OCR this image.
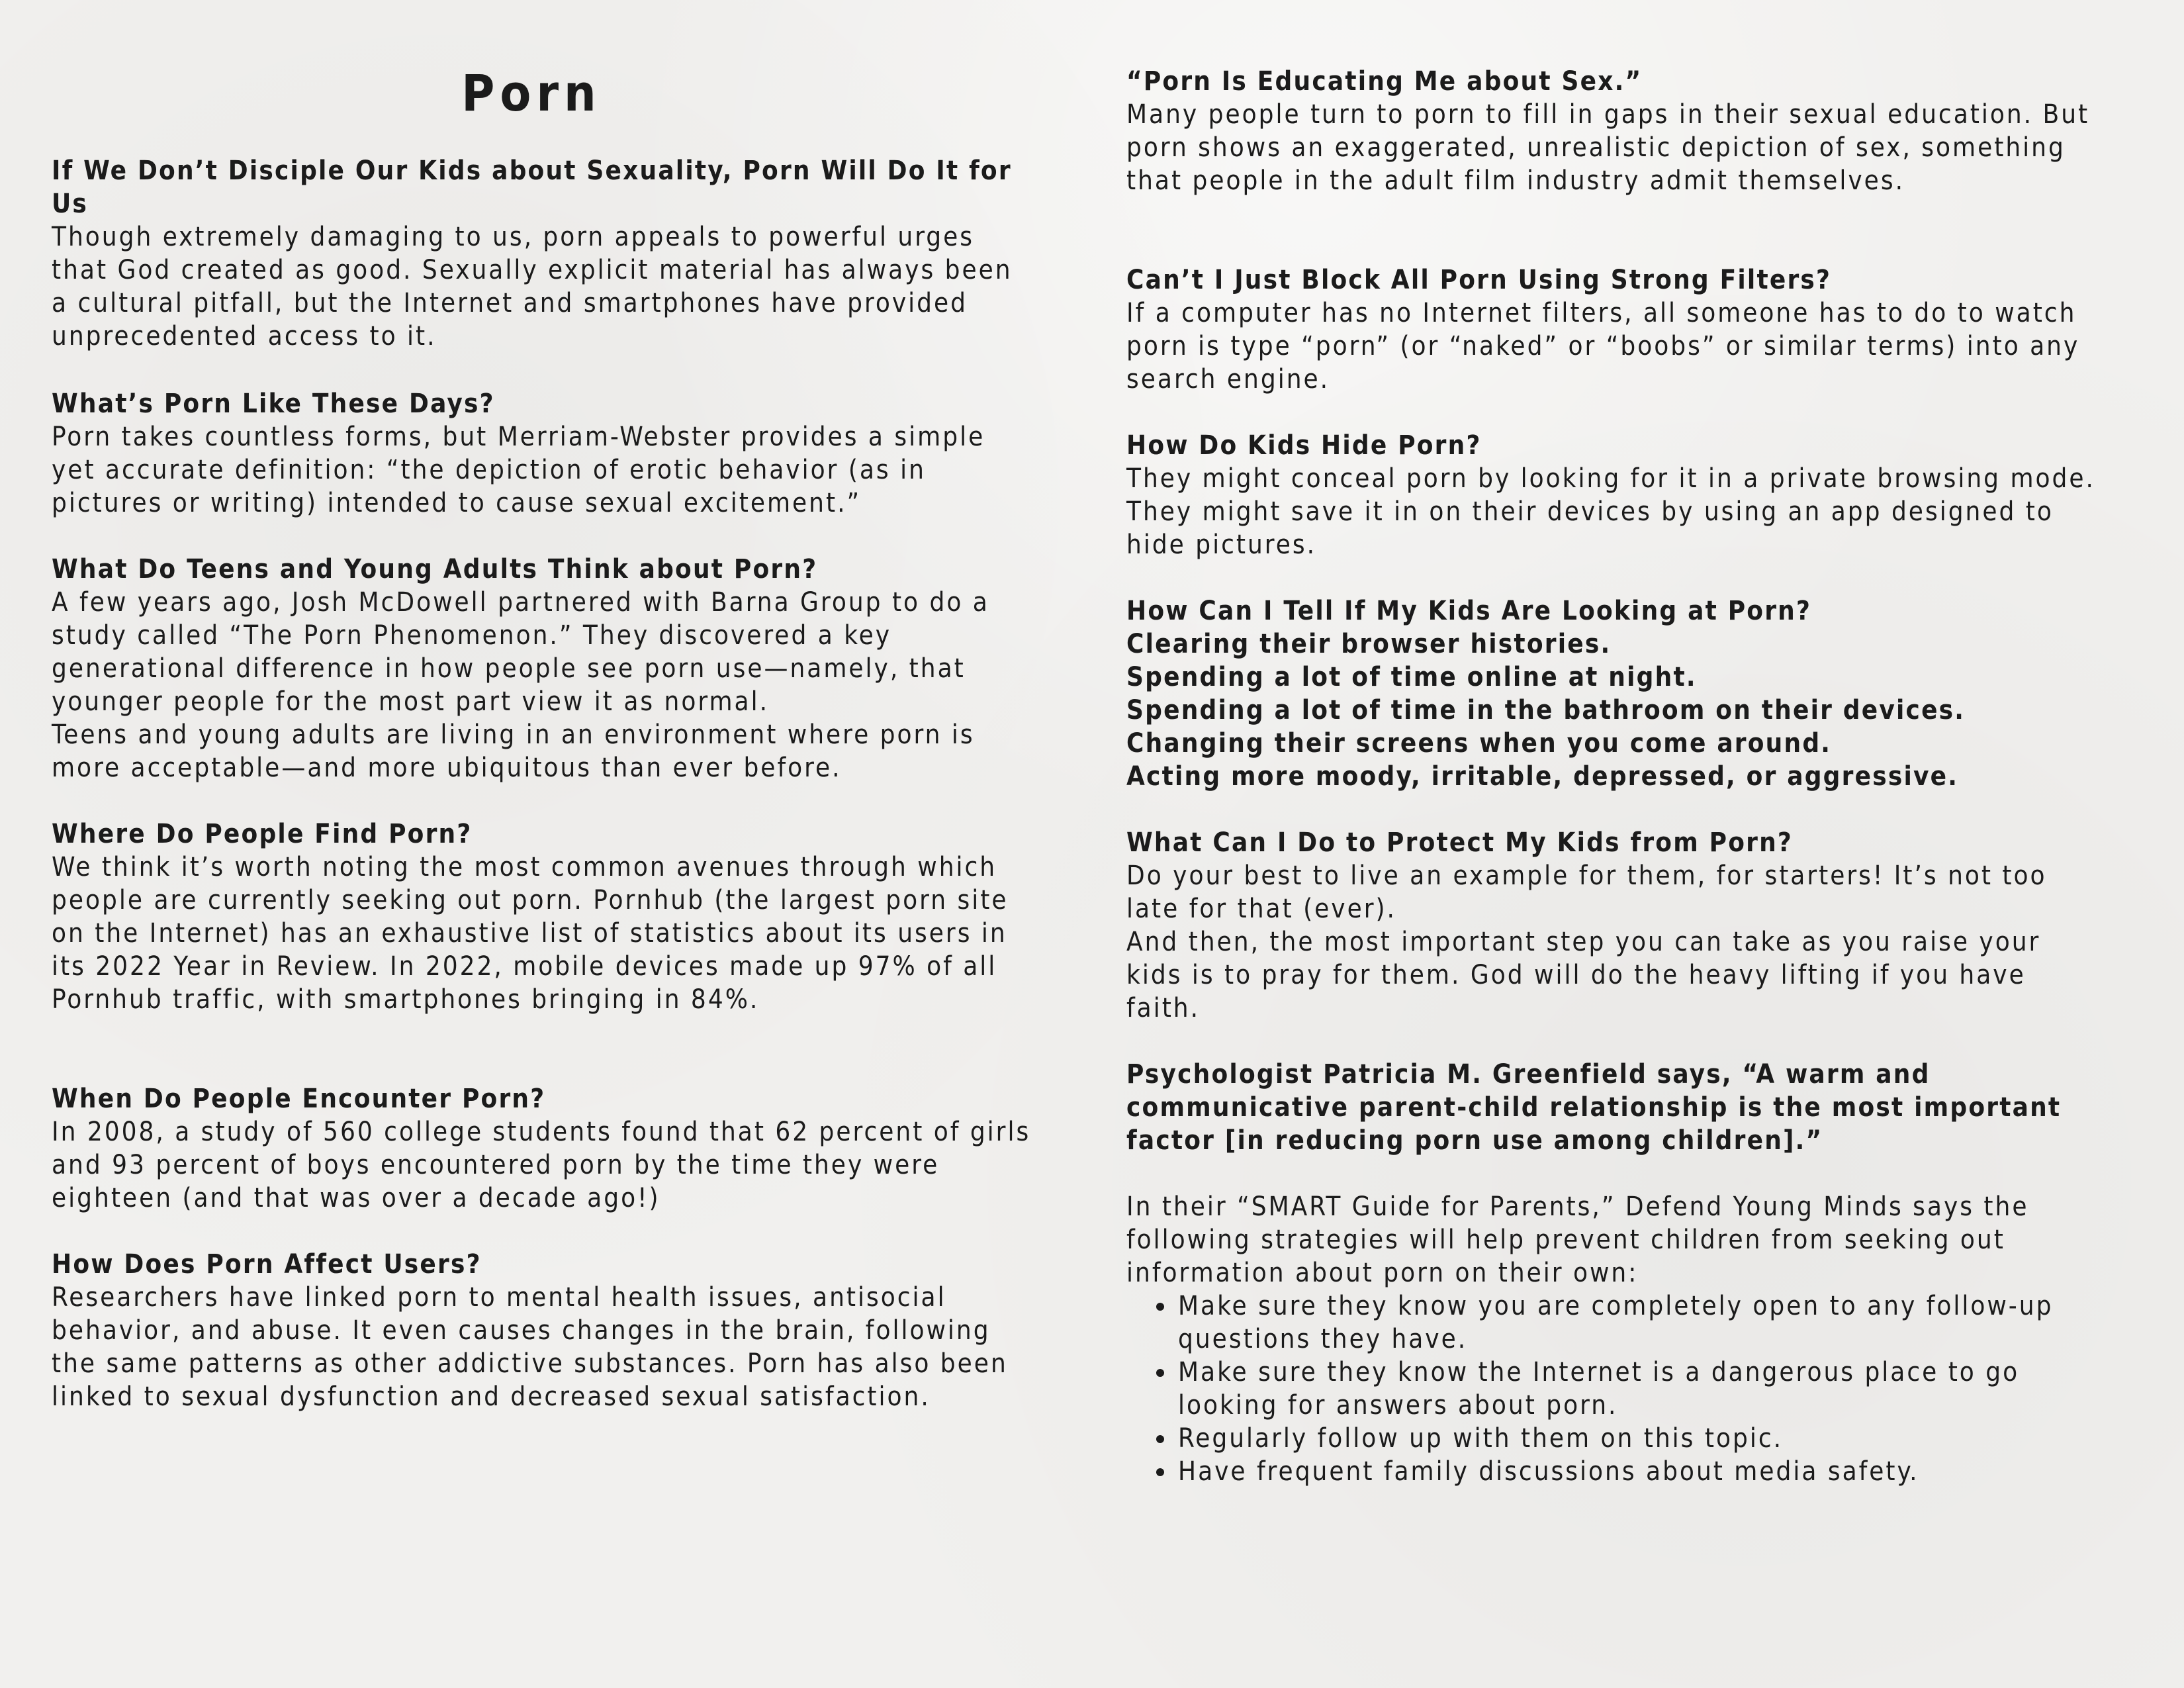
Porn

If We Don’t Disciple Our Kids about Sexuality, Porn Will Do It for Us

Though extremely damaging to us, porn appeals to powerful urges that God created as good. Sexually explicit material has always been a cultural pitfall, but the Internet and smartphones have provided unprecedented access to it.

What’s Porn Like These Days?

Porn takes countless forms, but Merriam-Webster provides a simple yet accurate definition: “the depiction of erotic behavior (as in pictures or writing) intended to cause sexual excitement.”

What Do Teens and Young Adults Think about Porn?

A few years ago, Josh McDowell partnered with Barna Group to do a study called “The Porn Phenomenon.” They discovered a key generational difference in how people see porn use—namely, that younger people for the most part view it as normal.

Teens and young adults are living in an environment where porn is more acceptable—and more ubiquitous than ever before.

Where Do People Find Porn?

We think it’s worth noting the most common avenues through which people are currently seeking out porn. Pornhub (the largest porn site on the Internet) has an exhaustive list of statistics about its users in its 2022 Year in Review. In 2022, mobile devices made up 97% of all Pornhub traffic, with smartphones bringing in 84%.

When Do People Encounter Porn?

In 2008, a study of 560 college students found that 62 percent of girls and 93 percent of boys encountered porn by the time they were eighteen (and that was over a decade ago!)

How Does Porn Affect Users?

Researchers have linked porn to mental health issues, antisocial behavior, and abuse. It even causes changes in the brain, following the same patterns as other addictive substances. Porn has also been linked to sexual dysfunction and decreased sexual satisfaction.

“Porn Is Educating Me about Sex.”

Many people turn to porn to fill in gaps in their sexual education. But porn shows an exaggerated, unrealistic depiction of sex, something that people in the adult film industry admit themselves.

Can’t I Just Block All Porn Using Strong Filters?

If a computer has no Internet filters, all someone has to do to watch porn is type “porn” (or “naked” or “boobs” or similar terms) into any search engine.

How Do Kids Hide Porn?

They might conceal porn by looking for it in a private browsing mode. They might save it in on their devices by using an app designed to hide pictures.

How Can I Tell If My Kids Are Looking at Porn?

Clearing their browser histories.

Spending a lot of time online at night.

Spending a lot of time in the bathroom on their devices.

Changing their screens when you come around.

Acting more moody, irritable, depressed, or aggressive.

What Can I Do to Protect My Kids from Porn?

Do your best to live an example for them, for starters! It’s not too late for that (ever).

And then, the most important step you can take as you raise your kids is to pray for them. God will do the heavy lifting if you have faith.

Psychologist Patricia M. Greenfield says, “A warm and communicative parent-child relationship is the most important factor [in reducing porn use among children].”

In their “SMART Guide for Parents,” Defend Young Minds says the following strategies will help prevent children from seeking out information about porn on their own:

• Make sure they know you are completely open to any follow-up questions they have.
• Make sure they know the Internet is a dangerous place to go looking for answers about porn.
• Regularly follow up with them on this topic.
• Have frequent family discussions about media safety.
